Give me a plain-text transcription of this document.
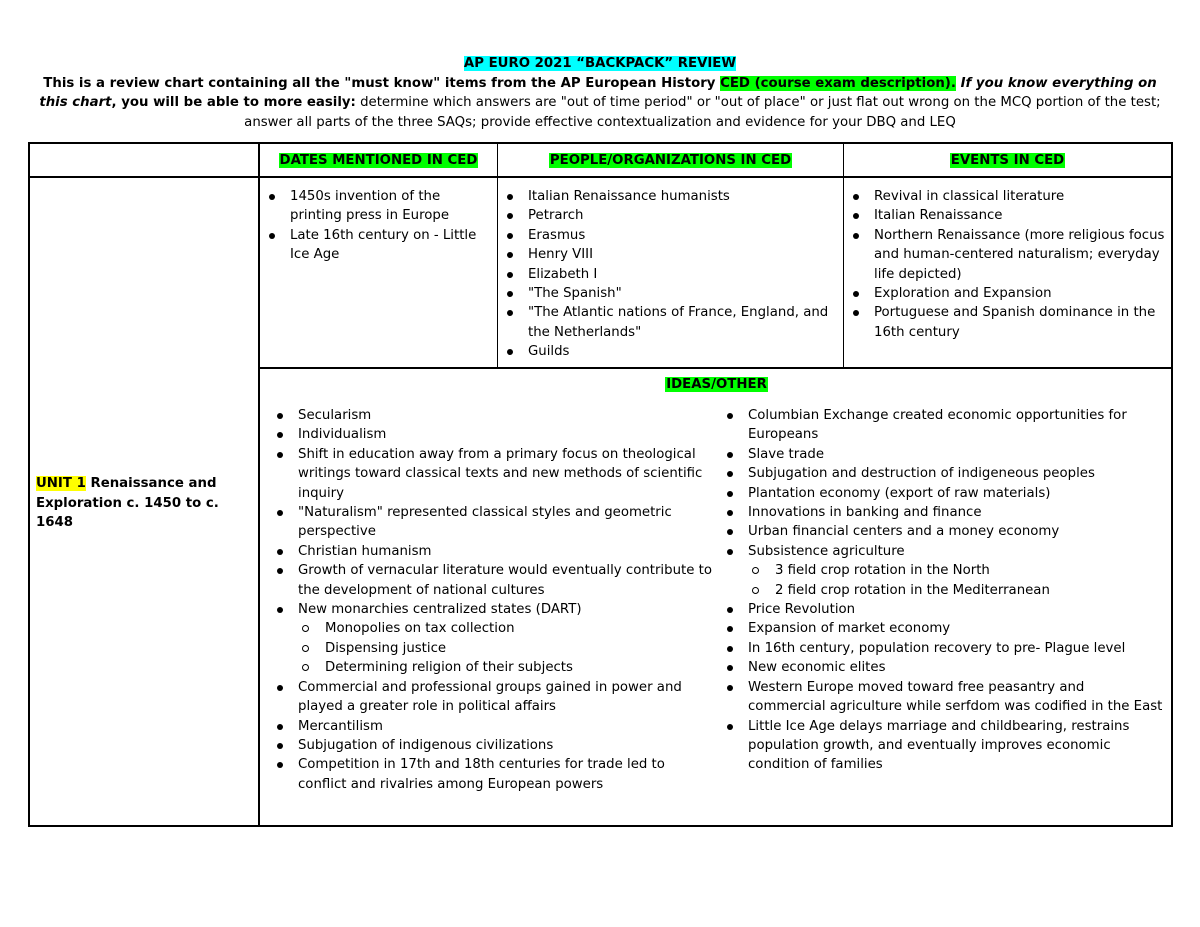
AP EURO 2021 “BACKPACK” REVIEW
This is a review chart containing all the "must know" items from the AP European History CED (course exam description). If you know everything on this chart, you will be able to more easily: determine which answers are "out of time period" or "out of place" or just flat out wrong on the MCQ portion of the test; answer all parts of the three SAQs; provide effective contextualization and evidence for your DBQ and LEQ
DATES MENTIONED IN CED	PEOPLE/ORGANIZATIONS IN CED	EVENTS IN CED
UNIT 1 Renaissance and Exploration c. 1450 to c. 1648
1450s invention of the printing press in Europe
Late 16th century on - Little Ice Age
Italian Renaissance humanists
Petrarch
Erasmus
Henry VIII
Elizabeth I
"The Spanish"
"The Atlantic nations of France, England, and the Netherlands"
Guilds
Revival in classical literature
Italian Renaissance
Northern Renaissance (more religious focus and human-centered naturalism; everyday life depicted)
Exploration and Expansion
Portuguese and Spanish dominance in the 16th century
IDEAS/OTHER
Secularism
Individualism
Shift in education away from a primary focus on theological writings toward classical texts and new methods of scientific inquiry
"Naturalism" represented classical styles and geometric perspective
Christian humanism
Growth of vernacular literature would eventually contribute to the development of national cultures
New monarchies centralized states (DART)
Monopolies on tax collection
Dispensing justice
Determining religion of their subjects
Commercial and professional groups gained in power and played a greater role in political affairs
Mercantilism
Subjugation of indigenous civilizations
Competition in 17th and 18th centuries for trade led to conflict and rivalries among European powers
Columbian Exchange created economic opportunities for Europeans
Slave trade
Subjugation and destruction of indigeneous peoples
Plantation economy (export of raw materials)
Innovations in banking and finance
Urban financial centers and a money economy
Subsistence agriculture
3 field crop rotation in the North
2 field crop rotation in the Mediterranean
Price Revolution
Expansion of market economy
In 16th century, population recovery to pre- Plague level
New economic elites
Western Europe moved toward free peasantry and commercial agriculture while serfdom was codified in the East
Little Ice Age delays marriage and childbearing, restrains population growth, and eventually improves economic condition of families
